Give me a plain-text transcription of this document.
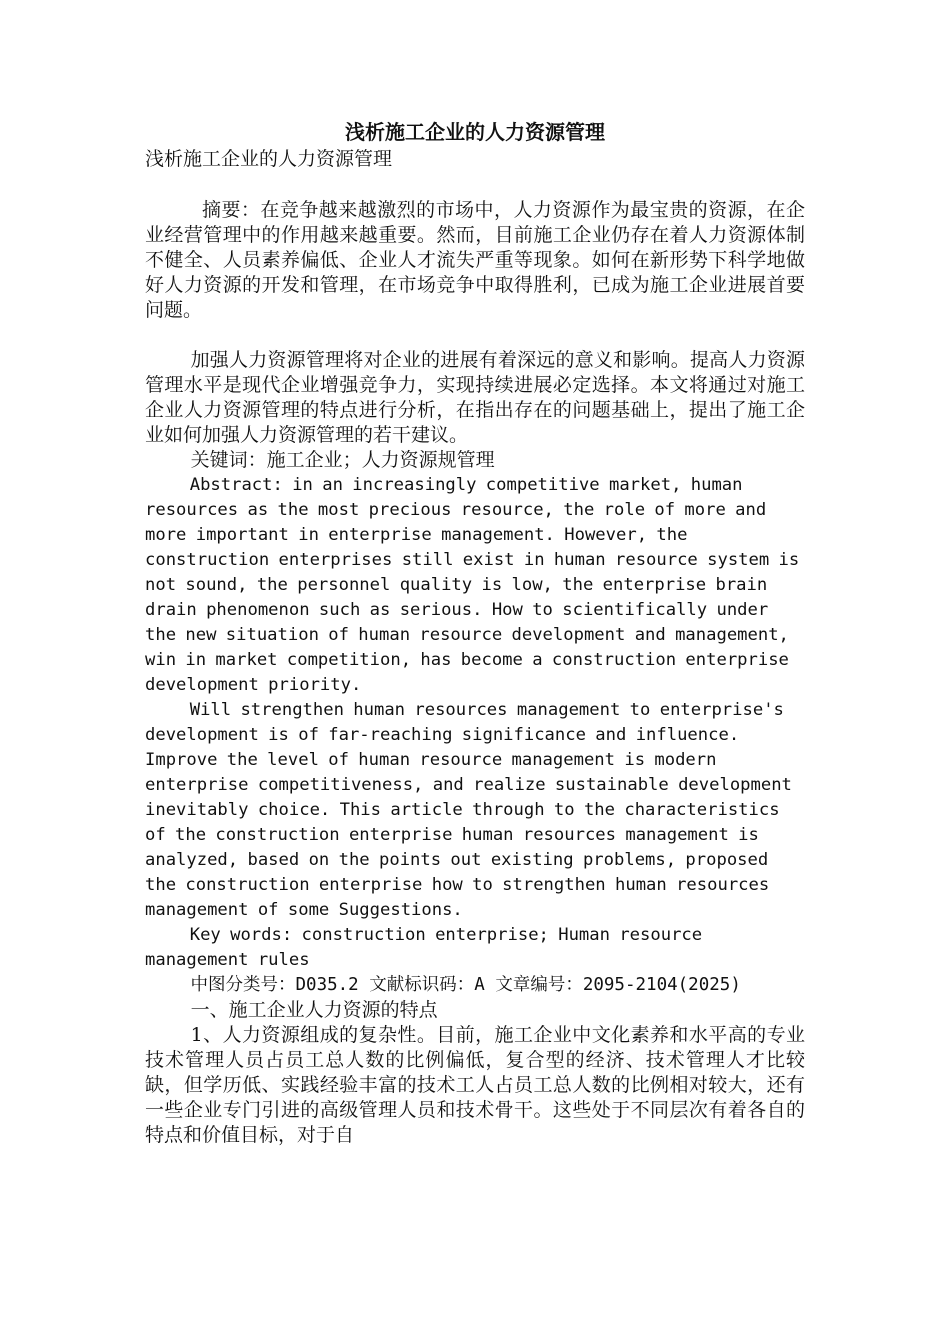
浅析施工企业的人力资源管理

浅析施工企业的人力资源管理

摘要：在竞争越来越激烈的市场中，人力资源作为最宝贵的资源，在企业经营管理中的作用越来越重要。然而，目前施工企业仍存在着人力资源体制不健全、人员素养偏低、企业人才流失严重等现象。如何在新形势下科学地做好人力资源的开发和管理，在市场竞争中取得胜利，已成为施工企业进展首要问题。

加强人力资源管理将对企业的进展有着深远的意义和影响。提高人力资源管理水平是现代企业增强竞争力，实现持续进展必定选择。本文将通过对施工企业人力资源管理的特点进行分析，在指出存在的问题基础上，提出了施工企业如何加强人力资源管理的若干建议。

关键词：施工企业；人力资源规管理

Abstract: in an increasingly competitive market, human resources as the most precious resource, the role of more and more important in enterprise management. However, the construction enterprises still exist in human resource system is not sound, the personnel quality is low, the enterprise brain drain phenomenon such as serious. How to scientifically under the new situation of human resource development and management, win in market competition, has become a construction enterprise development priority.

Will strengthen human resources management to enterprise's development is of far-reaching significance and influence. Improve the level of human resource management is modern enterprise competitiveness, and realize sustainable development inevitably choice. This article through to the characteristics of the construction enterprise human resources management is analyzed, based on the points out existing problems, proposed the construction enterprise how to strengthen human resources management of some Suggestions.

Key words: construction enterprise; Human resource management rules

中图分类号：D035.2 文献标识码：A 文章编号：2095-2104(2025)

一、施工企业人力资源的特点

1、人力资源组成的复杂性。目前，施工企业中文化素养和水平高的专业技术管理人员占员工总人数的比例偏低，复合型的经济、技术管理人才比较缺，但学历低、实践经验丰富的技术工人占员工总人数的比例相对较大，还有一些企业专门引进的高级管理人员和技术骨干。这些处于不同层次有着各自的特点和价值目标，对于自
